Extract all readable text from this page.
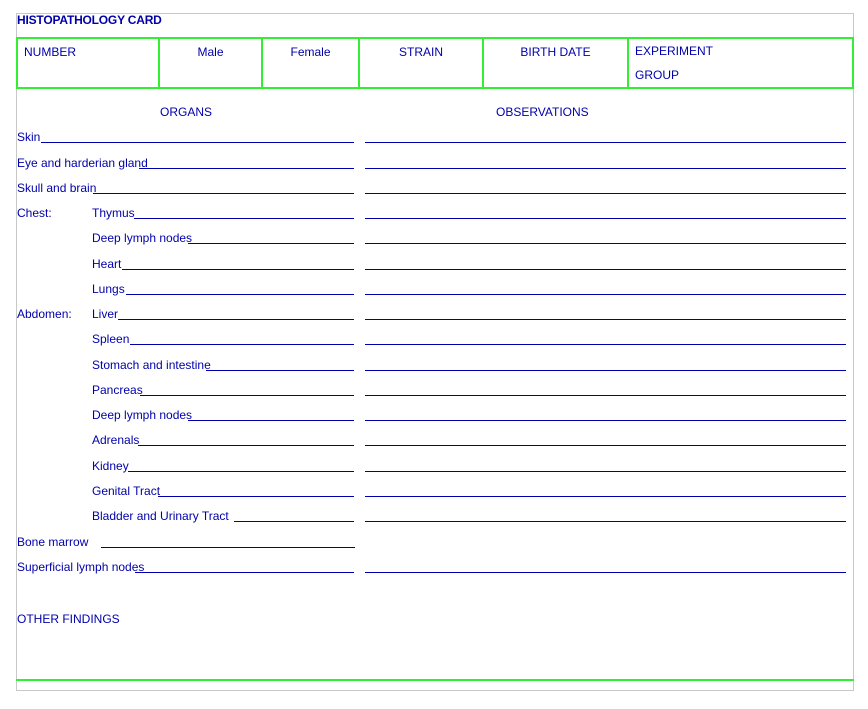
HISTOPATHOLOGY CARD
NUMBER	Male	Female	STRAIN	BIRTH DATE	EXPERIMENT
GROUP
ORGANS	OBSERVATIONS
Skin
Eye and harderian gland
Skull and brain
Chest:	Thymus
Deep lymph nodes
Heart
Lungs
Abdomen: Liver
Spleen
Stomach and intestine
Pancreas
Deep lymph nodes
Adrenals
Kidney
Genital Tract
Bladder and Urinary Tract
Bone marrow
Superficial lymph nodes
OTHER FINDINGS
